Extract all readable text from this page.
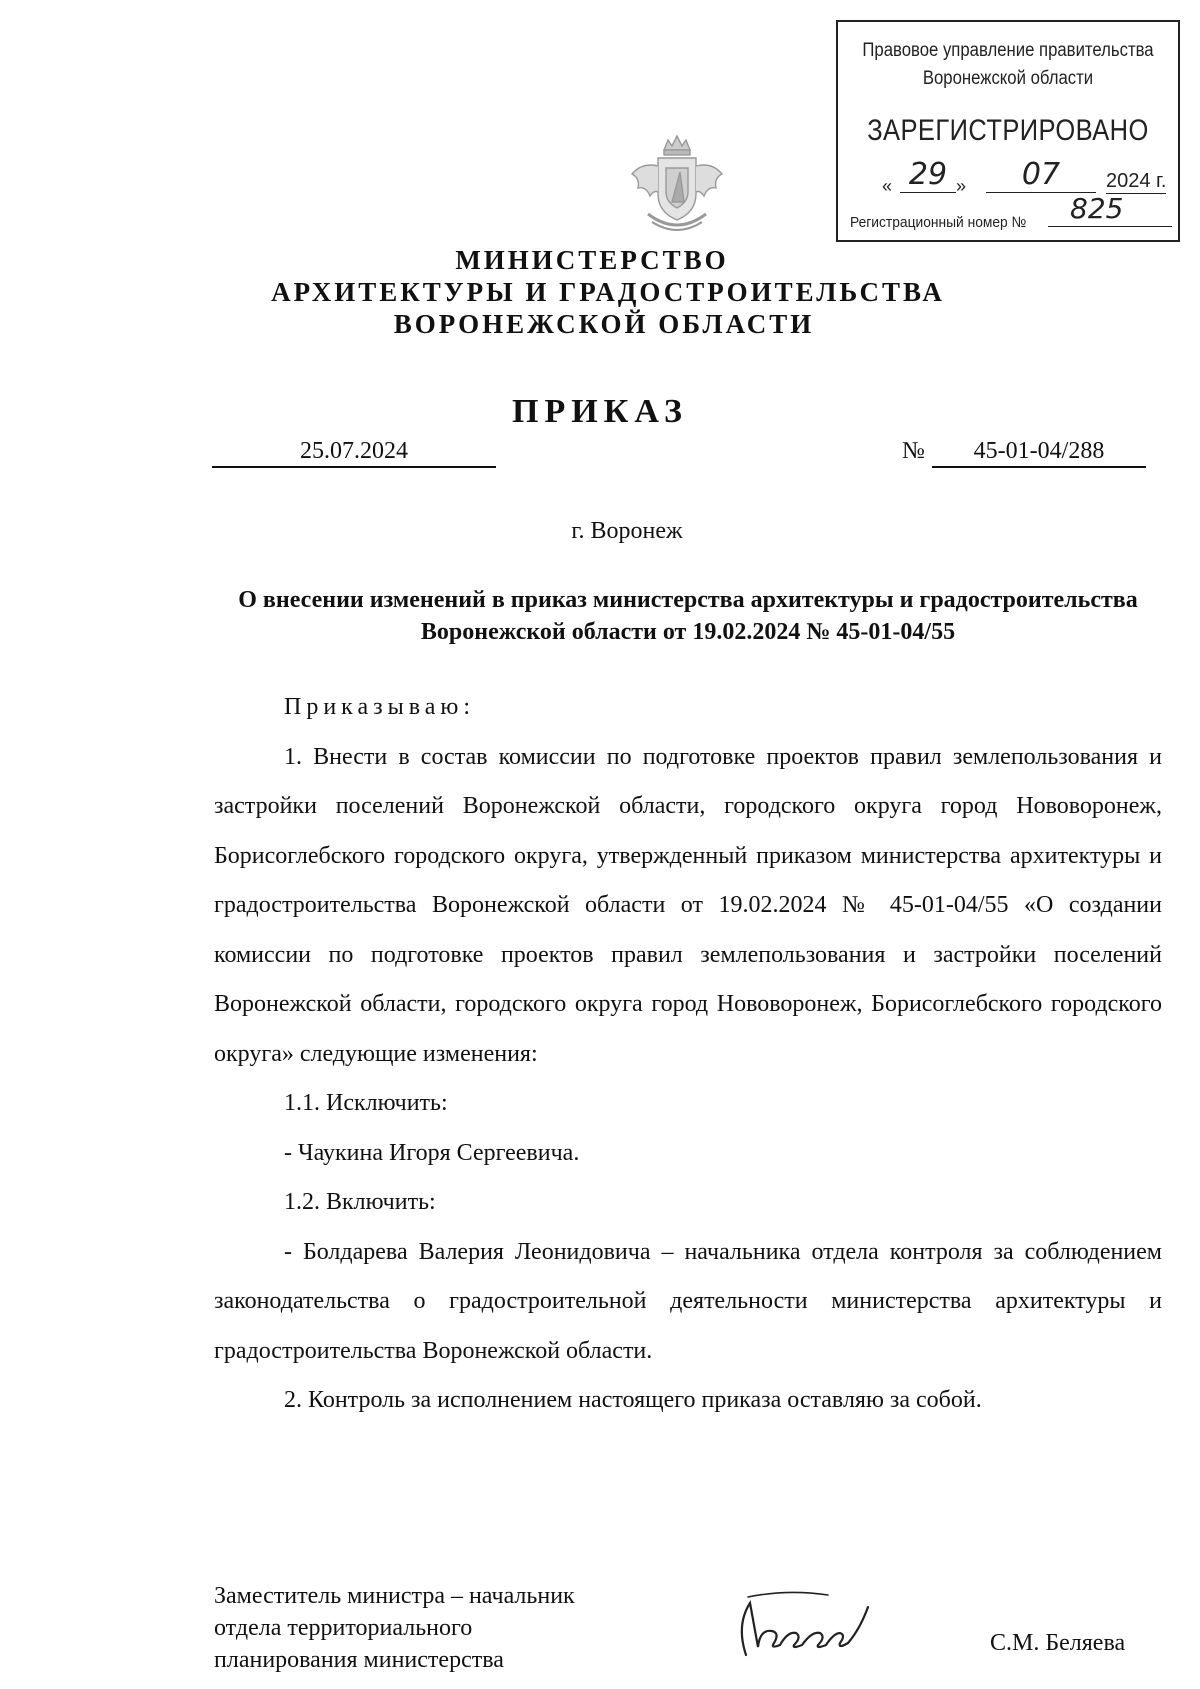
Правовое управление правительства
Воронежской области
ЗАРЕГИСТРИРОВАНО
« 29 »	07	2024 г.
Регистрационный номер №	825
МИНИСТЕРСТВО
АРХИТЕКТУРЫ И ГРАДОСТРОИТЕЛЬСТВА
ВОРОНЕЖСКОЙ ОБЛАСТИ
ПРИКАЗ
25.07.2024	№	45-01-04/288
г. Воронеж
О внесении изменений в приказ министерства архитектуры и градостроительства Воронежской области от 19.02.2024 № 45-01-04/55
Приказываю:
1. Внести в состав комиссии по подготовке проектов правил землепользования и застройки поселений Воронежской области, городского округа город Нововоронеж, Борисоглебского городского округа, утвержденный приказом министерства архитектуры и градостроительства Воронежской области от 19.02.2024 № 45-01-04/55 «О создании комиссии по подготовке проектов правил землепользования и застройки поселений Воронежской области, городского округа город Нововоронеж, Борисоглебского городского округа» следующие изменения:
1.1. Исключить:
- Чаукина Игоря Сергеевича.
1.2. Включить:
- Болдарева Валерия Леонидовича – начальника отдела контроля за соблюдением законодательства о градостроительной деятельности министерства архитектуры и градостроительства Воронежской области.
2. Контроль за исполнением настоящего приказа оставляю за собой.
Заместитель министра – начальник
отдела территориального
планирования министерства
С.М. Беляева
